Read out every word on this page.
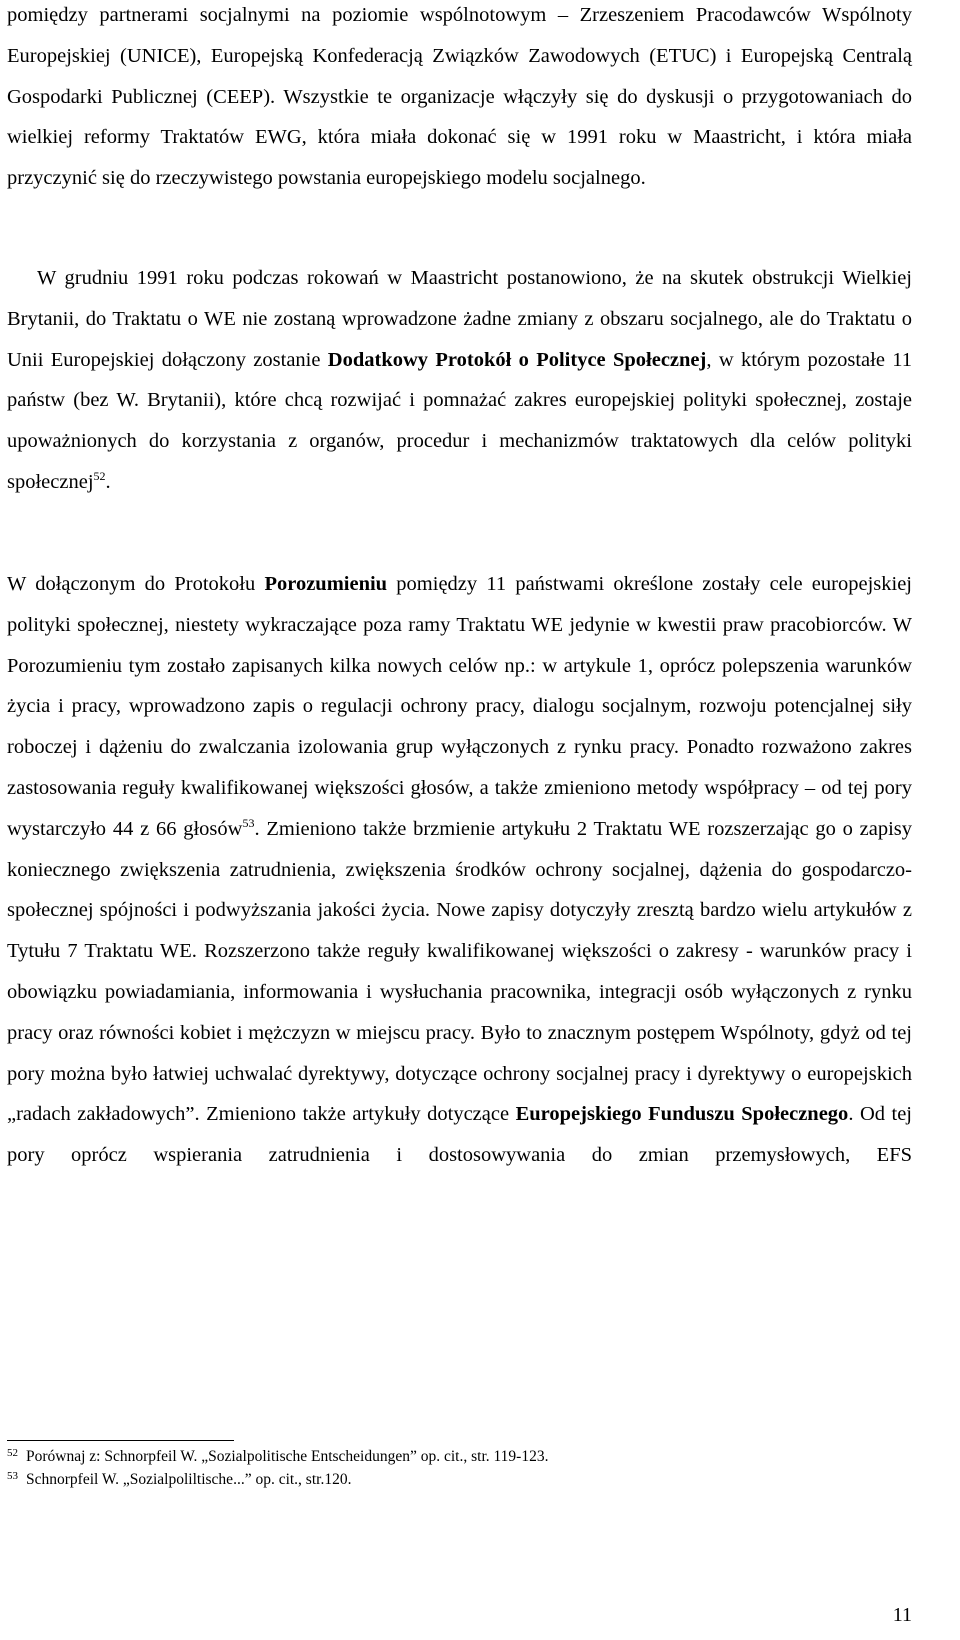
pomiędzy partnerami socjalnymi na poziomie wspólnotowym – Zrzeszeniem Pracodawców Wspólnoty Europejskiej (UNICE), Europejską Konfederacją Związków Zawodowych (ETUC) i Europejską Centralą Gospodarki Publicznej (CEEP). Wszystkie te organizacje włączyły się do dyskusji o przygotowaniach do wielkiej reformy Traktatów EWG, która miała dokonać się w 1991 roku w Maastricht, i która miała przyczynić się do rzeczywistego powstania europejskiego modelu socjalnego.

W grudniu 1991 roku podczas rokowań w Maastricht postanowiono, że na skutek obstrukcji Wielkiej Brytanii, do Traktatu o WE nie zostaną wprowadzone żadne zmiany z obszaru socjalnego, ale do Traktatu o Unii Europejskiej dołączony zostanie Dodatkowy Protokół o Polityce Społecznej, w którym pozostałe 11 państw (bez W. Brytanii), które chcą rozwijać i pomnażać zakres europejskiej polityki społecznej, zostaje upoważnionych do korzystania z organów, procedur i mechanizmów traktatowych dla celów polityki społecznej$^{52}$.

W dołączonym do Protokołu Porozumieniu pomiędzy 11 państwami określone zostały cele europejskiej polityki społecznej, niestety wykraczające poza ramy Traktatu WE jedynie w kwestii praw pracobiorców. W Porozumieniu tym zostało zapisanych kilka nowych celów np.: w artykule 1, oprócz polepszenia warunków życia i pracy, wprowadzono zapis o regulacji ochrony pracy, dialogu socjalnym, rozwoju potencjalnej siły roboczej i dążeniu do zwalczania izolowania grup wyłączonych z rynku pracy. Ponadto rozważono zakres zastosowania reguły kwalifikowanej większości głosów, a także zmieniono metody współpracy – od tej pory wystarczyło 44 z 66 głosów$^{53}$. Zmieniono także brzmienie artykułu 2 Traktatu WE rozszerzając go o zapisy koniecznego zwiększenia zatrudnienia, zwiększenia środków ochrony socjalnej, dążenia do gospodarczo-społecznej spójności i podwyższania jakości życia. Nowe zapisy dotyczyły zresztą bardzo wielu artykułów z Tytułu 7 Traktatu WE. Rozszerzono także reguły kwalifikowanej większości o zakresy - warunków pracy i obowiązku powiadamiania, informowania i wysłuchania pracownika, integracji osób wyłączonych z rynku pracy oraz równości kobiet i mężczyzn w miejscu pracy. Było to znacznym postępem Wspólnoty, gdyż od tej pory można było łatwiej uchwalać dyrektywy, dotyczące ochrony socjalnej pracy i dyrektywy o europejskich „radach zakładowych”. Zmieniono także artykuły dotyczące Europejskiego Funduszu Społecznego. Od tej pory oprócz wspierania zatrudnienia i dostosowywania do zmian przemysłowych, EFS

52 Porównaj z: Schnorpfeil W. „Sozialpolitische Entscheidungen” op. cit., str. 119-123.

53 Schnorpfeil W. „Sozialpoliltische...” op. cit., str.120.

11
